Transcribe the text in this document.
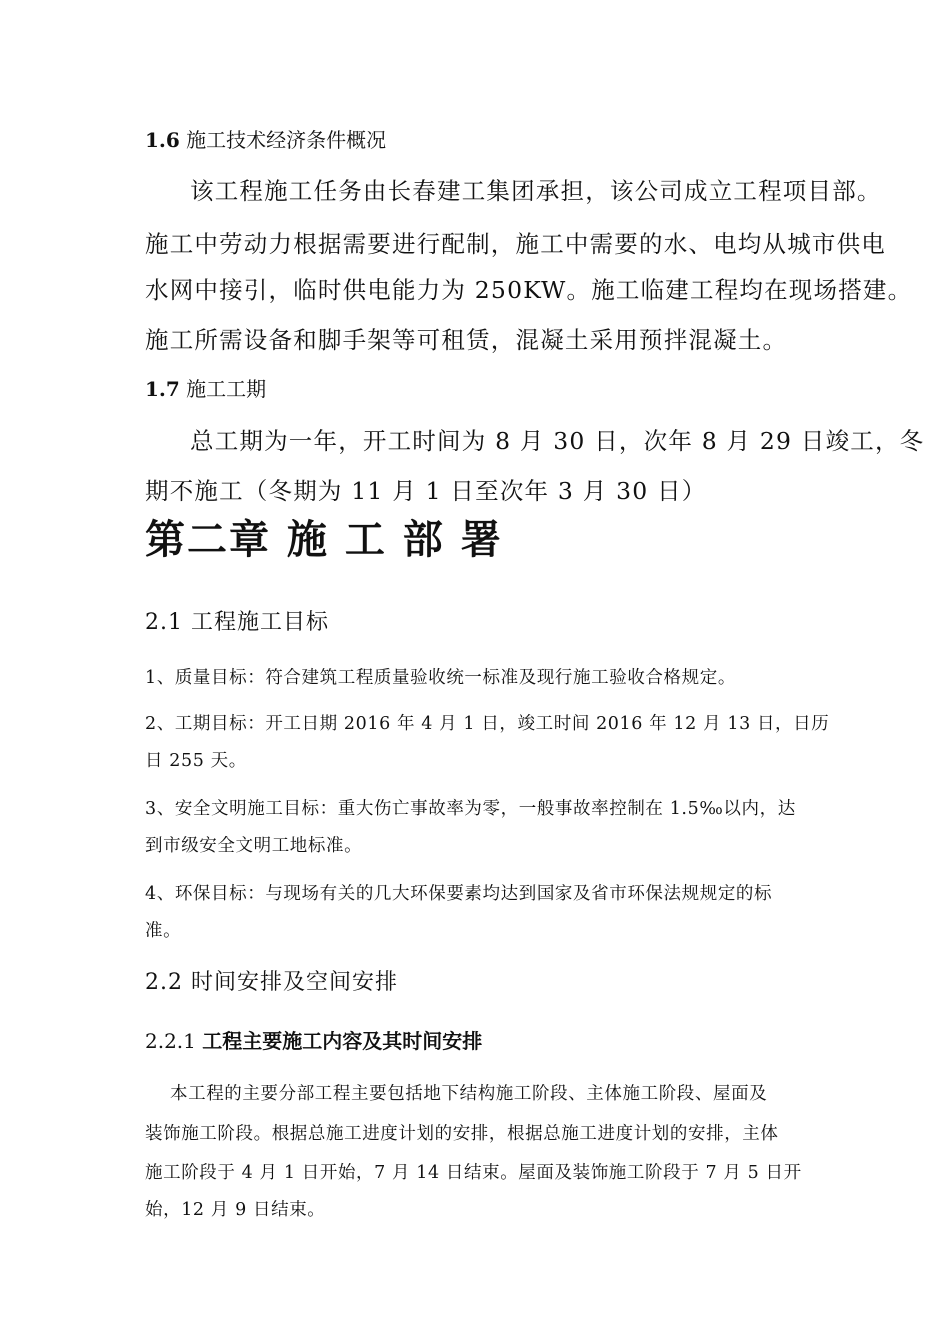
1.6 施工技术经济条件概况

该工程施工任务由长春建工集团承担，该公司成立工程项目部。

施工中劳动力根据需要进行配制，施工中需要的水、电均从城市供电

水网中接引，临时供电能力为 250KW。施工临建工程均在现场搭建。

施工所需设备和脚手架等可租赁，混凝土采用预拌混凝土。

1.7 施工工期

总工期为一年，开工时间为 8 月 30 日，次年 8 月 29 日竣工，冬

期不施工（冬期为 11 月 1 日至次年 3 月 30 日）

第二章 施 工 部 署

2.1 工程施工目标

1、质量目标：符合建筑工程质量验收统一标准及现行施工验收合格规定。

2、工期目标：开工日期 2016 年 4 月 1 日，竣工时间 2016 年 12 月 13 日，日历

日 255 天。

3、安全文明施工目标：重大伤亡事故率为零，一般事故率控制在 1.5‰以内，达

到市级安全文明工地标准。

4、环保目标：与现场有关的几大环保要素均达到国家及省市环保法规规定的标

准。

2.2 时间安排及空间安排

2.2.1 工程主要施工内容及其时间安排

本工程的主要分部工程主要包括地下结构施工阶段、主体施工阶段、屋面及

装饰施工阶段。根据总施工进度计划的安排，根据总施工进度计划的安排，主体

施工阶段于 4 月 1 日开始，7 月 14 日结束。屋面及装饰施工阶段于 7 月 5 日开

始，12 月 9 日结束。
